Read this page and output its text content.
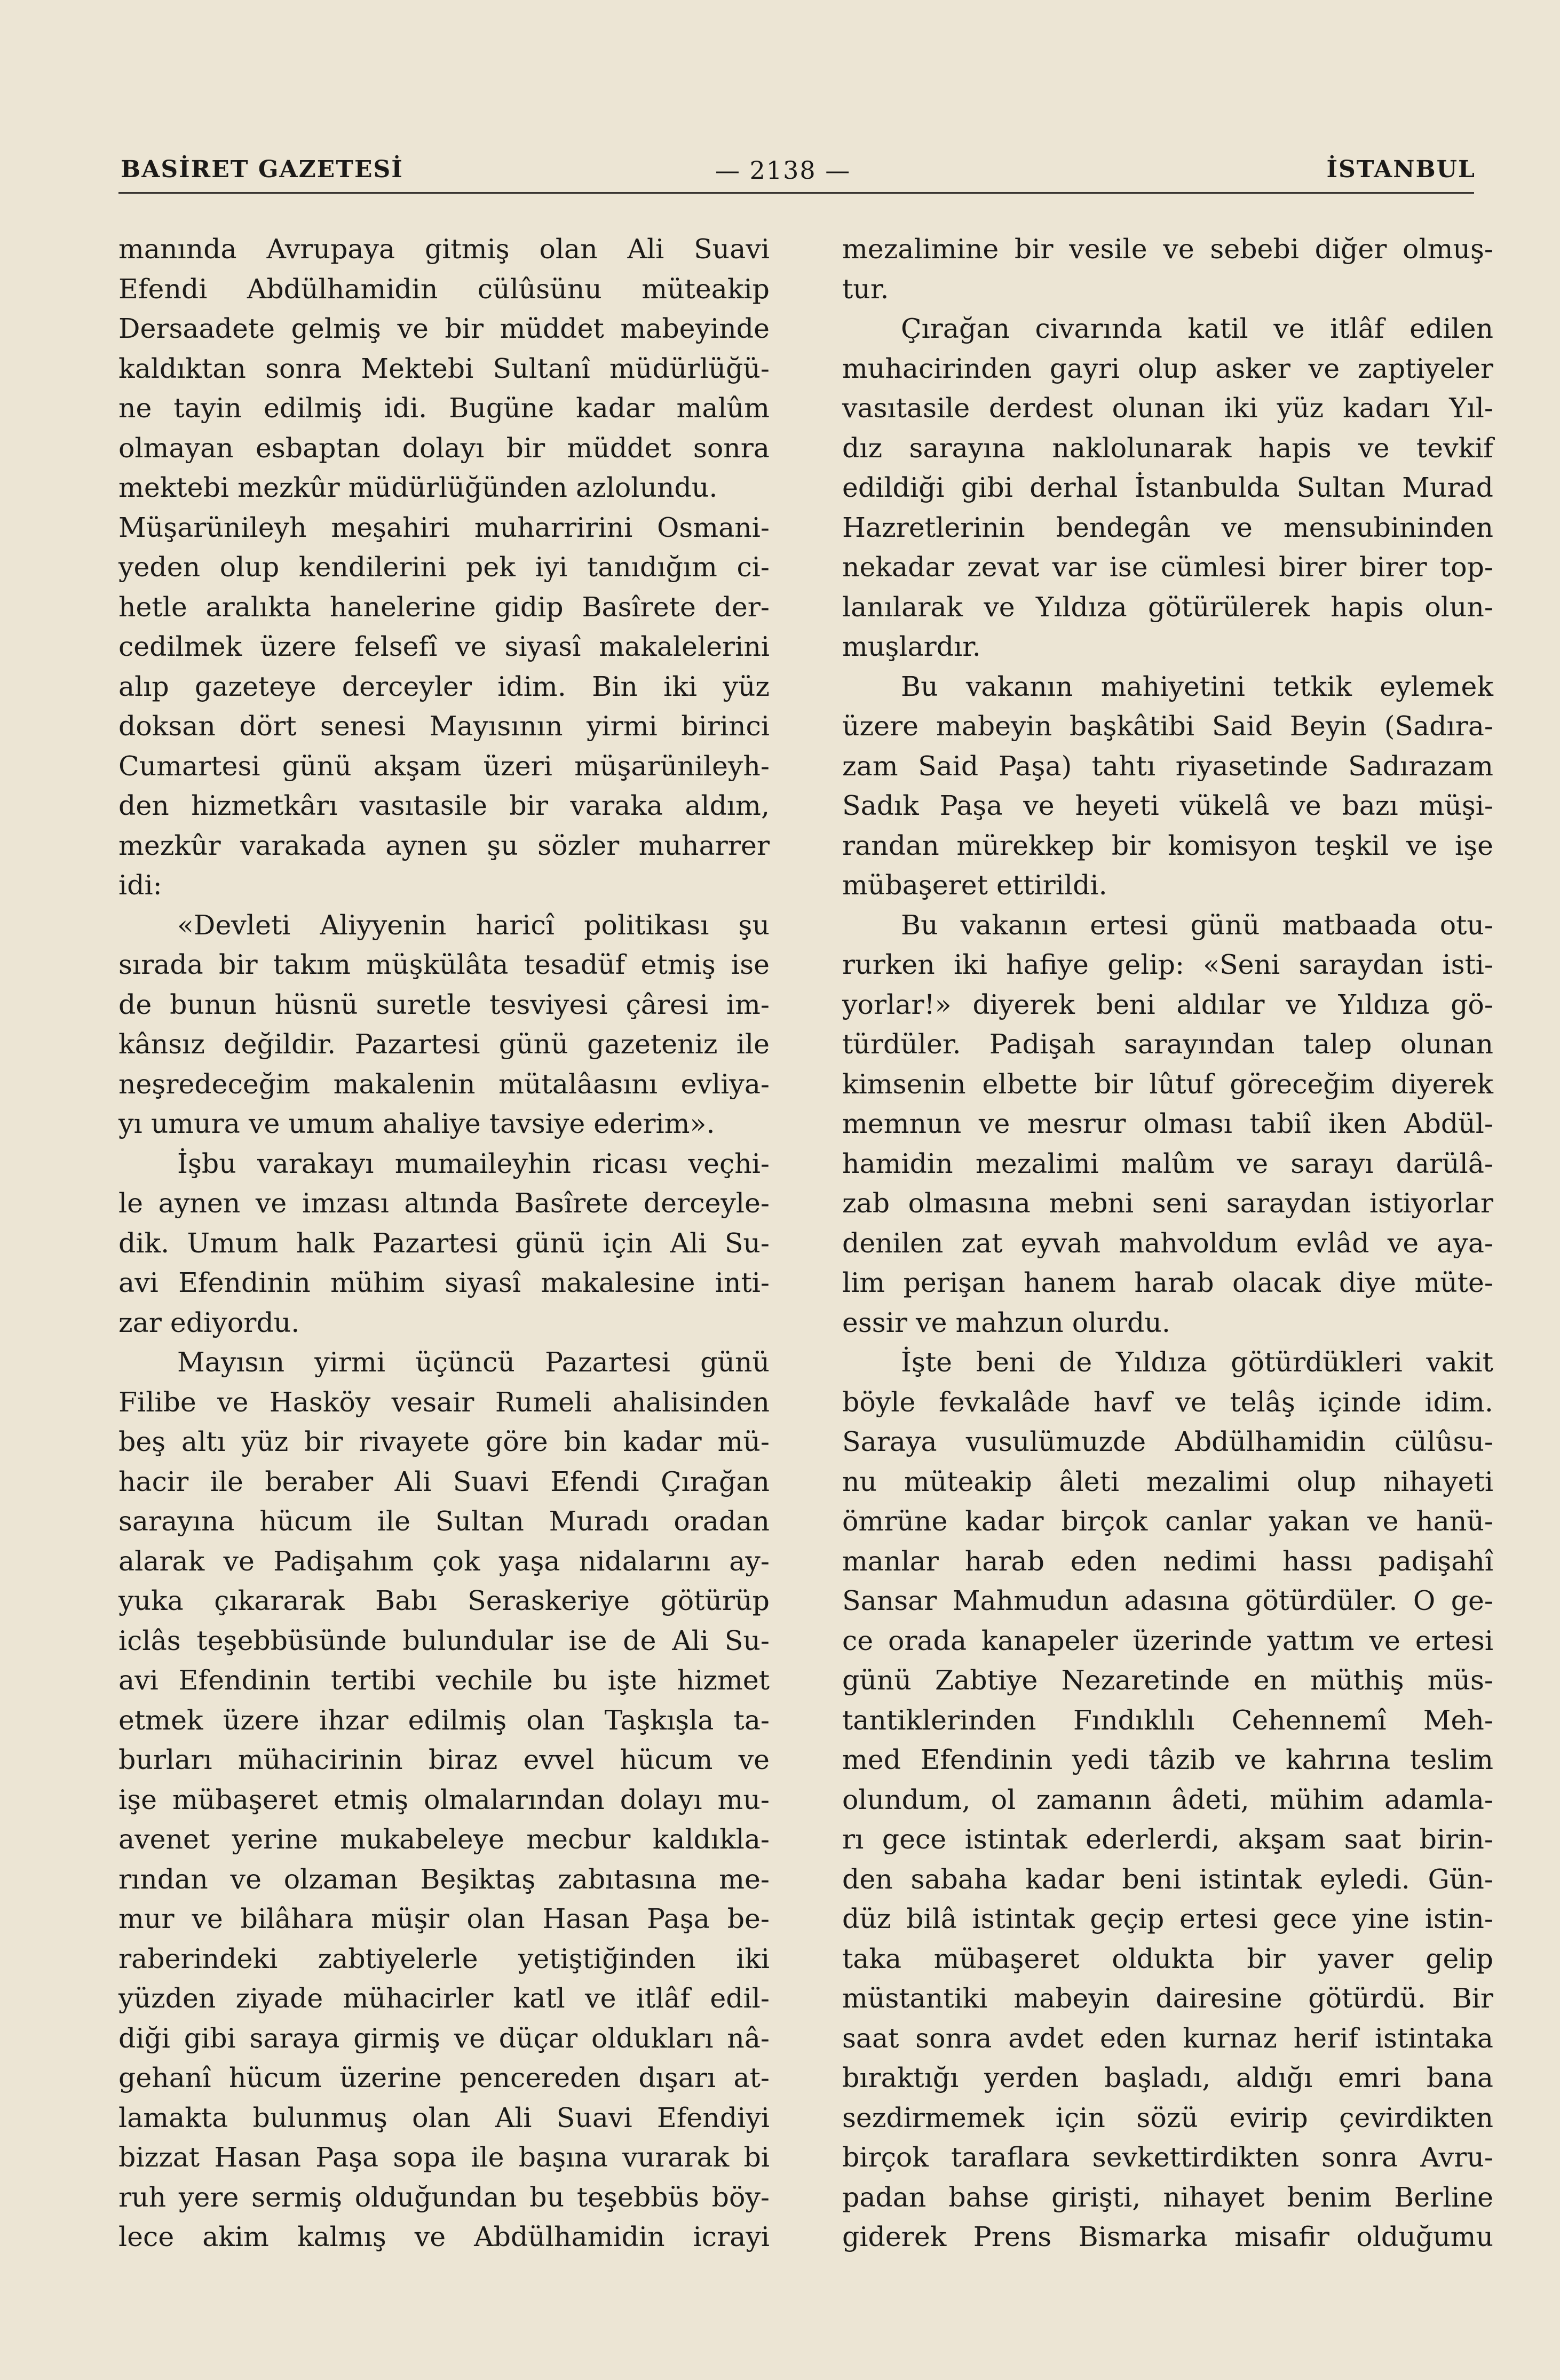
BASİRET GAZETESİ	— 2138 —	İSTANBUL
manında Avrupaya gitmiş olan Ali Suavi
Efendi Abdülhamidin cülûsünu müteakip
Dersaadete gelmiş ve bir müddet mabeyinde
kaldıktan sonra Mektebi Sultanî müdürlüğü-
ne tayin edilmiş idi. Bugüne kadar malûm
olmayan esbaptan dolayı bir müddet sonra
mektebi mezkûr müdürlüğünden azlolundu.
Müşarünileyh meşahiri muharririni Osmani-
yeden olup kendilerini pek iyi tanıdığım ci-
hetle aralıkta hanelerine gidip Basîrete der-
cedilmek üzere felsefî ve siyasî makalelerini
alıp gazeteye derceyler idim. Bin iki yüz
doksan dört senesi Mayısının yirmi birinci
Cumartesi günü akşam üzeri müşarünileyh-
den hizmetkârı vasıtasile bir varaka aldım,
mezkûr varakada aynen şu sözler muharrer
idi:
«Devleti Aliyyenin haricî politikası şu
sırada bir takım müşkülâta tesadüf etmiş ise
de bunun hüsnü suretle tesviyesi çâresi im-
kânsız değildir. Pazartesi günü gazeteniz ile
neşredeceğim makalenin mütalâasını evliya-
yı umura ve umum ahaliye tavsiye ederim».
İşbu varakayı mumaileyhin ricası veçhi-
le aynen ve imzası altında Basîrete derceyle-
dik. Umum halk Pazartesi günü için Ali Su-
avi Efendinin mühim siyasî makalesine inti-
zar ediyordu.
Mayısın yirmi üçüncü Pazartesi günü
Filibe ve Hasköy vesair Rumeli ahalisinden
beş altı yüz bir rivayete göre bin kadar mü-
hacir ile beraber Ali Suavi Efendi Çırağan
sarayına hücum ile Sultan Muradı oradan
alarak ve Padişahım çok yaşa nidalarını ay-
yuka çıkararak Babı Seraskeriye götürüp
iclâs teşebbüsünde bulundular ise de Ali Su-
avi Efendinin tertibi vechile bu işte hizmet
etmek üzere ihzar edilmiş olan Taşkışla ta-
burları mühacirinin biraz evvel hücum ve
işe mübaşeret etmiş olmalarından dolayı mu-
avenet yerine mukabeleye mecbur kaldıkla-
rından ve olzaman Beşiktaş zabıtasına me-
mur ve bilâhara müşir olan Hasan Paşa be-
raberindeki zabtiyelerle yetiştiğinden iki
yüzden ziyade mühacirler katl ve itlâf edil-
diği gibi saraya girmiş ve düçar oldukları nâ-
gehanî hücum üzerine pencereden dışarı at-
lamakta bulunmuş olan Ali Suavi Efendiyi
bizzat Hasan Paşa sopa ile başına vurarak bi
ruh yere sermiş olduğundan bu teşebbüs böy-
lece akim kalmış ve Abdülhamidin icrayi
mezalimine bir vesile ve sebebi diğer olmuş-
tur.
Çırağan civarında katil ve itlâf edilen
muhacirinden gayri olup asker ve zaptiyeler
vasıtasile derdest olunan iki yüz kadarı Yıl-
dız sarayına naklolunarak hapis ve tevkif
edildiği gibi derhal İstanbulda Sultan Murad
Hazretlerinin bendegân ve mensubininden
nekadar zevat var ise cümlesi birer birer top-
lanılarak ve Yıldıza götürülerek hapis olun-
muşlardır.
Bu vakanın mahiyetini tetkik eylemek
üzere mabeyin başkâtibi Said Beyin (Sadıra-
zam Said Paşa) tahtı riyasetinde Sadırazam
Sadık Paşa ve heyeti vükelâ ve bazı müşi-
randan mürekkep bir komisyon teşkil ve işe
mübaşeret ettirildi.
Bu vakanın ertesi günü matbaada otu-
rurken iki hafiye gelip: «Seni saraydan isti-
yorlar!» diyerek beni aldılar ve Yıldıza gö-
türdüler. Padişah sarayından talep olunan
kimsenin elbette bir lûtuf göreceğim diyerek
memnun ve mesrur olması tabiî iken Abdül-
hamidin mezalimi malûm ve sarayı darülâ-
zab olmasına mebni seni saraydan istiyorlar
denilen zat eyvah mahvoldum evlâd ve aya-
lim perişan hanem harab olacak diye müte-
essir ve mahzun olurdu.
İşte beni de Yıldıza götürdükleri vakit
böyle fevkalâde havf ve telâş içinde idim.
Saraya vusulümuzde Abdülhamidin cülûsu-
nu müteakip âleti mezalimi olup nihayeti
ömrüne kadar birçok canlar yakan ve hanü-
manlar harab eden nedimi hassı padişahî
Sansar Mahmudun adasına götürdüler. O ge-
ce orada kanapeler üzerinde yattım ve ertesi
günü Zabtiye Nezaretinde en müthiş müs-
tantiklerinden Fındıklılı Cehennemî Meh-
med Efendinin yedi tâzib ve kahrına teslim
olundum, ol zamanın âdeti, mühim adamla-
rı gece istintak ederlerdi, akşam saat birin-
den sabaha kadar beni istintak eyledi. Gün-
düz bilâ istintak geçip ertesi gece yine istin-
taka mübaşeret oldukta bir yaver gelip
müstantiki mabeyin dairesine götürdü. Bir
saat sonra avdet eden kurnaz herif istintaka
bıraktığı yerden başladı, aldığı emri bana
sezdirmemek için sözü evirip çevirdikten
birçok taraflara sevkettirdikten sonra Avru-
padan bahse girişti, nihayet benim Berline
giderek Prens Bismarka misafir olduğumu
